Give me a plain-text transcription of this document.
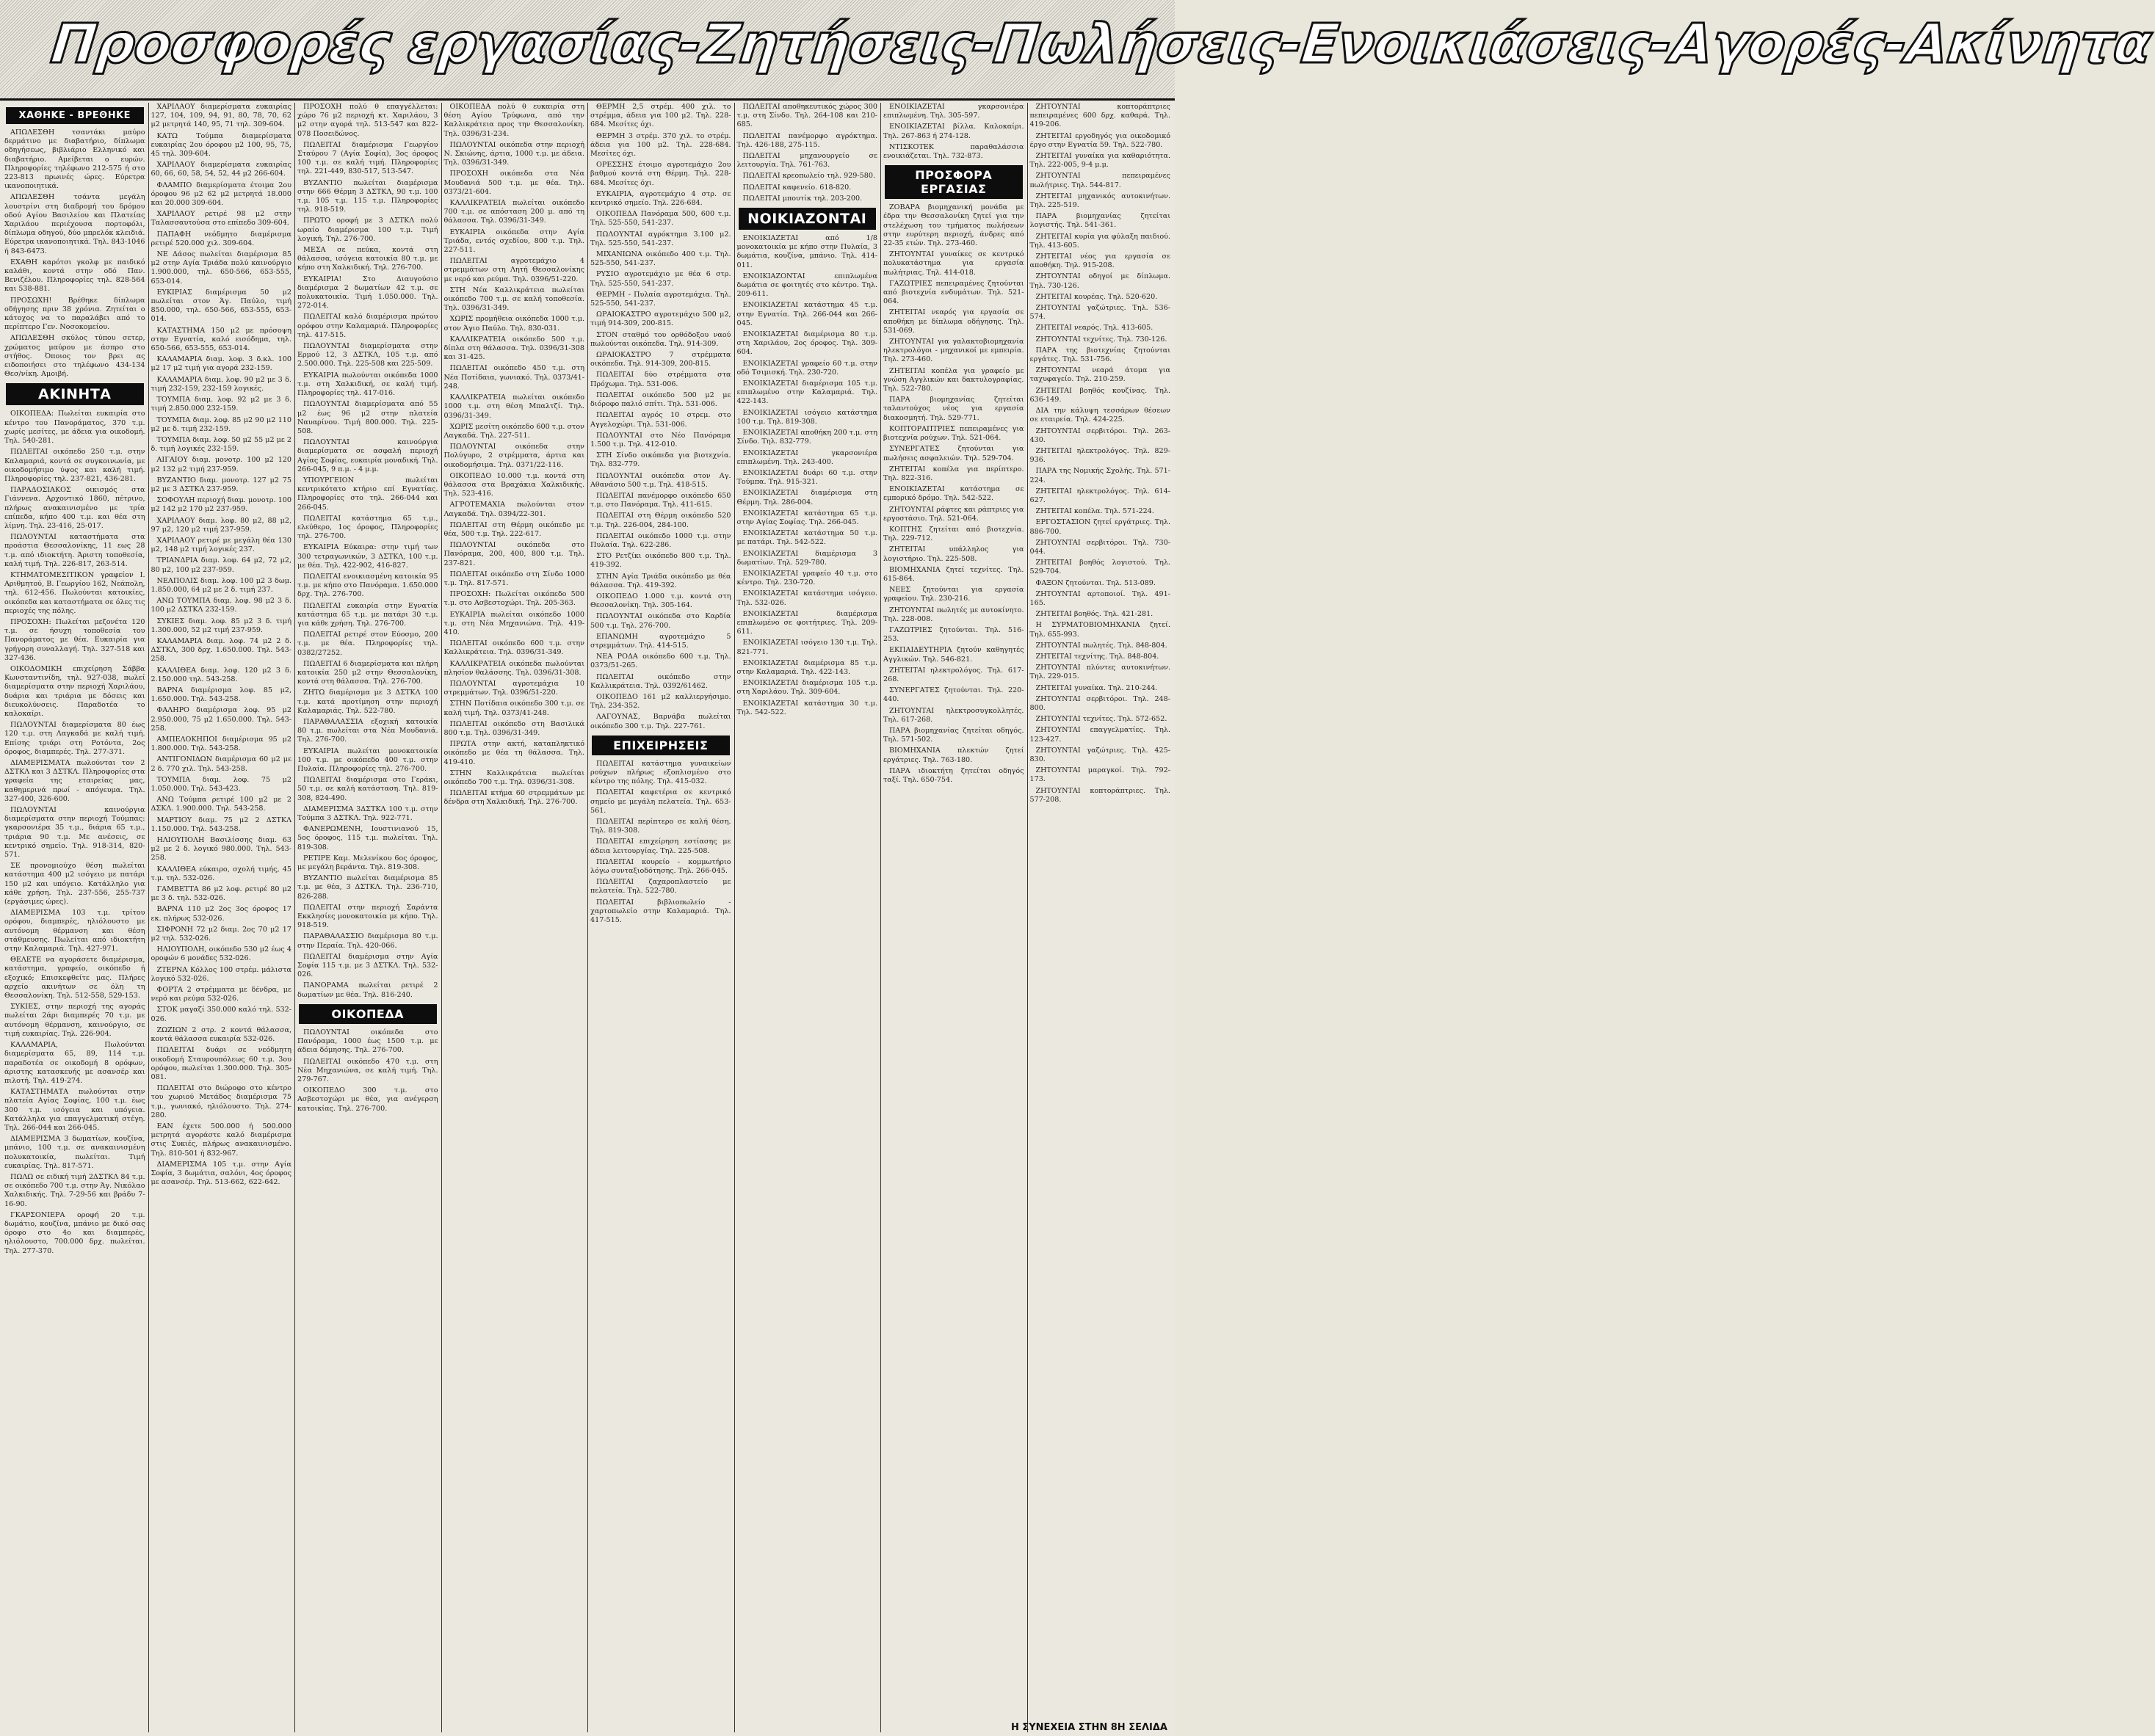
Προσφορές εργασίας-Ζητήσεις-Πωλήσεις-Ενοικιάσεις-Αγορές-Ακίνητα
ΧΑΘΗΚΕ - ΒΡΕΘΗΚΕ
ΑΠΩΛΕΣΘΗ τσαντάκι μαύρο δερμάτινο με διαβατήριο, δίπλωμα οδηγήσεως, βιβλιάριο Ελληνικό και διαβατήριο. Αμείβεται ο ευρών. Πληροφορίες τηλέφωνο 212-575 ή στο 223-813 πρωινές ώρες. Εύρετρα ικανοποιητικά.
ΑΠΩΛΕΣΘΗ τσάντα μεγάλη λουστρίνι στη διαδρομή του δρόμου οδού Αγίου Βασιλείου και Πλατείας Χαριλάου περιέχουσα πορτοφόλι, δίπλωμα οδηγού, δύο μπρελόκ κλειδιά. Εύρετρα ικανοποιητικά. Τηλ. 843-1046 ή 843-6473.
ΕΧΑΘΗ καρότσι γκολφ με παιδικό καλάθι, κοντά στην οδό Παν. Βενιζέλου. Πληροφορίες τηλ. 828-564 και 538-881.
ΠΡΟΣΩΧΗ! Βρέθηκε δίπλωμα οδήγησης πριν 38 χρόνια. Ζητείται ο κάτοχος να το παραλάβει από το περίπτερο Γεν. Νοσοκομείου.
ΑΠΩΛΕΣΘΗ σκύλος τύπου σετερ, χρώματος μαύρου με άσπρο στο στήθος. Όποιος τον βρει ας ειδοποιήσει στο τηλέφωνο 434-134 Θεσ/νίκη. Αμοιβή.
ΑΚΙΝΗΤΑ
ΟΙΚΟΠΕΔΑ: Πωλείται ευκαιρία στο κέντρο του Πανοράματος, 370 τ.μ. χωρίς μεσίτες, με άδεια για οικοδομή. Τηλ. 540-281.
ΠΩΛΕΙΤΑΙ οικόπεδο 250 τ.μ. στην Καλαμαριά, κοντά σε συγκοινωνία, με οικοδομήσιμο ύψος και καλή τιμή. Πληροφορίες τηλ. 237-821, 436-281.
ΠΑΡΑΔΟΣΙΑΚΟΣ οικισμός στα Γιάννενα. Αρχοντικό 1860, πέτρινο, πλήρως ανακαινισμένο με τρία επίπεδα, κήπο 400 τ.μ. και θέα στη λίμνη. Τηλ. 23-416, 25-017.
ΠΩΛΟΥΝΤΑΙ καταστήματα στα προάστια Θεσσαλονίκης, 11 εως 28 τ.μ. από ιδιοκτήτη. Άριστη τοποθεσία, καλή τιμή. Τηλ. 226-817, 263-514.
ΚΤΗΜΑΤΟΜΕΣΙΤΙΚΟΝ γραφείον Ι. Αριθμητού, Β. Γεωργίου 162, Νεάπολη, τηλ. 612-456. Πωλούνται κατοικίες, οικόπεδα και καταστήματα σε όλες τις περιοχές της πόλης.
ΠΡΟΣΟΧΗ: Πωλείται μεζονέτα 120 τ.μ. σε ήσυχη τοποθεσία του Πανοράματος με θέα. Ευκαιρία για γρήγορη συναλλαγή. Τηλ. 327-518 και 327-436.
ΟΙΚΟΔΟΜΙΚΗ επιχείρηση Σάββα Κωνσταντινίδη, τηλ. 927-038, πωλεί διαμερίσματα στην περιοχή Χαριλάου, δυάρια και τριάρια με δόσεις και διευκολύνσεις. Παραδοτέα το καλοκαίρι.
ΠΩΛΟΥΝΤΑΙ διαμερίσματα 80 έως 120 τ.μ. στη Λαγκαδά με καλή τιμή. Επίσης τριάρι στη Ροτόντα, 2ος όροφος, διαμπερές. Τηλ. 277-371.
ΔΙΑΜΕΡΙΣΜΑΤΑ πωλούνται τον 2 ΔΣΤΚΛ και 3 ΔΣΤΚΛ. Πληροφορίες στα γραφεία της εταιρείας μας, καθημερινά πρωί - απόγευμα. Τηλ. 327-400, 326-600.
ΠΩΛΟΥΝΤΑΙ καινούργια διαμερίσματα στην περιοχή Τούμπας: γκαρσονιέρα 35 τ.μ., διάρια 65 τ.μ., τριάρια 90 τ.μ. Με ανέσεις, σε κεντρικό σημείο. Τηλ. 918-314, 820-571.
ΣΕ προνομιούχο θέση πωλείται κατάστημα 400 μ2 ισόγειο με πατάρι 150 μ2 και υπόγειο. Κατάλληλο για κάθε χρήση. Τηλ. 237-556, 255-737 (εργάσιμες ώρες).
ΔΙΑΜΕΡΙΣΜΑ 103 τ.μ. τρίτου ορόφου, διαμπερές, ηλιόλουστο με αυτόνομη θέρμανση και θέση στάθμευσης. Πωλείται από ιδιοκτήτη στην Καλαμαριά. Τηλ. 427-971.
ΘΕΛΕΤΕ να αγοράσετε διαμέρισμα, κατάστημα, γραφείο, οικόπεδο ή εξοχικό; Επισκεφθείτε μας. Πλήρες αρχείο ακινήτων σε όλη τη Θεσσαλονίκη. Τηλ. 512-558, 529-153.
ΣΥΚΙΕΣ, στην περιοχή της αγοράς πωλείται 2άρι διαμπερές 70 τ.μ. με αυτόνομη θέρμανση, καινούργιο, σε τιμή ευκαιρίας. Τηλ. 226-904.
ΚΑΛΑΜΑΡΙΑ, Πωλούνται διαμερίσματα 65, 89, 114 τ.μ. παραδοτέα σε οικοδομή 8 ορόφων, άριστης κατασκευής με ασανσέρ και πιλοτή. Τηλ. 419-274.
ΚΑΤΑΣΤΗΜΑΤΑ πωλούνται στην πλατεία Αγίας Σοφίας, 100 τ.μ. έως 300 τ.μ. ισόγεια και υπόγεια. Κατάλληλα για επαγγελματική στέγη. Τηλ. 266-044 και 266-045.
ΔΙΑΜΕΡΙΣΜΑ 3 δωματίων, κουζίνα, μπάνιο, 100 τ.μ. σε ανακαινισμένη πολυκατοικία, πωλείται. Τιμή ευκαιρίας. Τηλ. 817-571.
ΠΩΛΩ σε ειδική τιμή 2ΔΣΤΚΛ 84 τ.μ. σε οικόπεδο 700 τ.μ. στην Άγ. Νικόλαο Χαλκιδικής. Τηλ. 7-29-56 και βράδυ 7-16-90.
ΓΚΑΡΣΟΝΙΕΡΑ οροφή 20 τ.μ. δωμάτιο, κουζίνα, μπάνιο με δικό σας όροφο στο 4ο και διαμπερές, ηλιόλουστο, 700.000 δρχ. πωλείται. Τηλ. 277-370.
ΧΑΡΙΛΑΟΥ διαμερίσματα ευκαιρίας 127, 104, 109, 94, 91, 80, 78, 70, 62 μ2 μετρητά 140, 95, 71 τηλ. 309-604.
ΚΑΤΩ Τούμπα διαμερίσματα ευκαιρίας 2ου όροφου μ2 100, 95, 75, 45 τηλ. 309-604.
ΧΑΡΙΛΑΟΥ διαμερίσματα ευκαιρίας 60, 66, 60, 58, 54, 52, 44 μ2 266-604.
ΦΛΑΜΠΟ διαμερίσματα έτοιμα 2ου όροφου 96 μ2 62 μ2 μετρητά 18.000 και 20.000 309-604.
ΧΑΡΙΛΑΟΥ ρετιρέ 98 μ2 στην Ταλασσαυτούσα στο επίπεδο 309-604.
ΠΑΠΑΦΗ νεόδμητο διαμέρισμα ρετιρέ 520.000 χιλ. 309-604.
ΝΕ Δάσος πωλείται διαμέρισμα 85 μ2 στην Αγία Τριάδα πολύ καινούργιο 1.900.000, τηλ. 650-566, 653-555, 653-014.
ΕΥΚΙΡΙΑΣ διαμέρισμα 50 μ2 πωλείται στον Άγ. Παύλο, τιμή 850.000, τηλ. 650-566, 653-555, 653-014.
ΚΑΤΑΣΤΗΜΑ 150 μ2 με πρόσοψη στην Εγνατία, καλό εισόδημα, τηλ. 650-566, 653-555, 653-014.
ΚΑΛΑΜΑΡΙΑ διαμ. λοφ. 3 δ.κλ. 100 μ2 17 μ2 τιμή για αγορά 232-159.
ΚΑΛΑΜΑΡΙΑ διαμ. λοφ. 90 μ2 με 3 δ. τιμή 232-159, 232-159 λογικές.
ΤΟΥΜΠΑ διαμ. λοφ. 92 μ2 με 3 δ. τιμή 2.850.000 232-159.
ΤΟΥΜΠΑ διαμ. λοφ. 85 μ2 90 μ2 110 μ2 με δ. τιμή 232-159.
ΤΟΥΜΠΑ διαμ. λοφ. 50 μ2 55 μ2 με 2 δ. τιμή λογικές 232-159.
ΑΙΓΑΙΟΥ διαμ. μονοτρ. 100 μ2 120 μ2 132 μ2 τιμή 237-959.
ΒΥΖΑΝΤΙΟ διαμ. μονοτρ. 127 μ2 75 μ2 με 3 ΔΣΤΚΛ 237-959.
ΣΟΦΟΥΛΗ περιοχή διαμ. μονοτρ. 100 μ2 142 μ2 170 μ2 237-959.
ΧΑΡΙΛΑΟΥ διαμ. λοφ. 80 μ2, 88 μ2, 97 μ2, 120 μ2 τιμή 237-959.
ΧΑΡΙΛΑΟΥ ρετιρέ με μεγάλη θέα 130 μ2, 148 μ2 τιμή λογικές 237.
ΤΡΙΑΝΔΡΙΑ διαμ. λοφ. 64 μ2, 72 μ2, 80 μ2, 100 μ2 237-959.
ΝΕΑΠΟΛΙΣ διαμ. λοφ. 100 μ2 3 δωμ. 1.850.000, 64 μ2 με 2 δ. τιμή 237.
ΑΝΩ ΤΟΥΜΠΑ διαμ. λοφ. 98 μ2 3 δ. 100 μ2 ΔΣΤΚΛ 232-159.
ΣΥΚΙΕΣ διαμ. λοφ. 85 μ2 3 δ. τιμή 1.300.000, 52 μ2 τιμή 237-959.
ΚΑΛΑΜΑΡΙΑ διαμ. λοφ. 74 μ2 2 δ. ΔΣΤΚΛ, 300 δρχ. 1.650.000. Τηλ. 543-258.
ΚΑΛΛΙΘΕΑ διαμ. λοφ. 120 μ2 3 δ. 2.150.000 τηλ. 543-258.
ΒΑΡΝΑ διαμέρισμα λοφ. 85 μ2, 1.650.000. Τηλ. 543-258.
ΦΑΛΗΡΟ διαμέρισμα λοφ. 95 μ2 2.950.000, 75 μ2 1.650.000. Τηλ. 543-258.
ΑΜΠΕΛΟΚΗΠΟΙ διαμέρισμα 95 μ2 1.800.000. Τηλ. 543-258.
ΑΝΤΙΓΟΝΙΔΩΝ διαμέρισμα 60 μ2 με 2 δ. 770 χιλ. Τηλ. 543-258.
ΤΟΥΜΠΑ διαμ. λοφ. 75 μ2 1.050.000. Τηλ. 543-423.
ΑΝΩ Τούμπα ρετιρέ 100 μ2 με 2 ΔΣΚΛ. 1.900.000. Τηλ. 543-258.
ΜΑΡΤΙΟΥ διαμ. 75 μ2 2 ΔΣΤΚΛ 1.150.000. Τηλ. 543-258.
ΗΛΙΟΥΠΟΛΗ Βασιλίσσης διαμ. 63 μ2 με 2 δ. λογικό 980.000. Τηλ. 543-258.
ΚΑΛΛΙΘΕΑ εύκαιρο, σχολή τιμής, 45 τ.μ. τηλ. 532-026.
ΓΑΜΒΕΤΤΑ 86 μ2 λοφ. ρετιρέ 80 μ2 με 3 δ. τηλ. 532-026.
ΒΑΡΝΑ 110 μ2 2ος 3ος όροφος 17 εκ. πλήρως 532-026.
ΣΙΦΡΟΝΗ 72 μ2 διαμ. 2ος 70 μ2 17 μ2 τηλ. 532-026.
ΗΛΙΟΥΠΟΛΗ, οικόπεδο 530 μ2 έως 4 οροφών 6 μονάδες 532-026.
ΖΤΕΡΝΑ Κόλλος 100 στρέμ. μάλιστα λογικό 532-026.
ΦΟΡΤΑ 2 στρέμματα με δένδρα, με νερό και ρεύμα 532-026.
ΣΤΟΚ μαγαζί 350.000 καλό τηλ. 532-026.
ΖΩΖΙΩΝ 2 στρ. 2 κοντά θάλασσα, κοντά θάλασσα ευκαιρία 532-026.
ΠΩΛΕΙΤΑΙ δυάρι σε νεόδμητη οικοδομή Σταυρουπόλεως 60 τ.μ. 3ου ορόφου, πωλείται 1.300.000. Τηλ. 305-081.
ΠΩΛΕΙΤΑΙ στο διώροφο στο κέντρο του χωριού Μετάδος διαμέρισμα 75 τ.μ., γωνιακό, ηλιόλουστο. Τηλ. 274-280.
ΕΑΝ έχετε 500.000 ή 500.000 μετρητά αγοράστε καλό διαμέρισμα στις Συκιές, πλήρως ανακαινισμένο. Τηλ. 810-501 ή 832-967.
ΔΙΑΜΕΡΙΣΜΑ 105 τ.μ. στην Αγία Σοφία, 3 δωμάτια, σαλόνι, 4ος όροφος με ασανσέρ. Τηλ. 513-662, 622-642.
ΠΡΟΣΟΧΗ πολύ θ επαγγέλλεται: χώρο 76 μ2 περιοχή κτ. Χαριλάου, 3 μ2 στην αγορά τηλ. 513-547 και 822-078 Ποσειδώνος.
ΠΩΛΕΙΤΑΙ διαμέρισμα Γεωργίου Σταύρου 7 (Αγία Σοφία), 3ος όροφος 100 τ.μ. σε καλή τιμή. Πληροφορίες τηλ. 221-449, 830-517, 513-547.
ΒΥΖΑΝΤΙΟ πωλείται διαμέρισμα στην 666 Θέρμη 3 ΔΣΤΚΛ, 90 τ.μ. 100 τ.μ. 105 τ.μ. 115 τ.μ. Πληροφορίες τηλ. 918-519.
ΠΡΩΤΟ οροφή με 3 ΔΣΤΚΛ πολύ ωραίο διαμέρισμα 100 τ.μ. Τιμή λογική. Τηλ. 276-700.
ΜΕΣΑ σε πεύκα, κοντά στη θάλασσα, ισόγεια κατοικία 80 τ.μ. με κήπο στη Χαλκιδική. Τηλ. 276-700.
ΕΥΚΑΙΡΙΑ! Στο Διαυγούσιο διαμέρισμα 2 δωματίων 42 τ.μ. σε πολυκατοικία. Τιμή 1.050.000. Τηλ. 272-014.
ΠΩΛΕΙΤΑΙ καλό διαμέρισμα πρώτου ορόφου στην Καλαμαριά. Πληροφορίες τηλ. 417-515.
ΠΩΛΟΥΝΤΑΙ διαμερίσματα στην Ερμού 12, 3 ΔΣΤΚΛ, 105 τ.μ. από 2.500.000. Τηλ. 225-508 και 225-509.
ΕΥΚΑΙΡΙΑ πωλούνται οικόπεδα 1000 τ.μ. στη Χαλκιδική, σε καλή τιμή. Πληροφορίες τηλ. 417-016.
ΠΩΛΟΥΝΤΑΙ διαμερίσματα από 55 μ2 έως 96 μ2 στην πλατεία Ναυαρίνου. Τιμή 800.000. Τηλ. 225-508.
ΠΩΛΟΥΝΤΑΙ καινούργια διαμερίσματα σε ασφαλή περιοχή Αγίας Σοφίας, ευκαιρία μοναδική. Τηλ. 266-045, 9 π.μ. - 4 μ.μ.
ΥΠΟΥΡΓΕΙΟΝ πωλείται κεντρικότατο κτήριο επί Εγνατίας. Πληροφορίες στο τηλ. 266-044 και 266-045.
ΠΩΛΕΙΤΑΙ κατάστημα 65 τ.μ., ελεύθερο, 1ος όροφος, Πληροφορίες τηλ. 276-700.
ΕΥΚΑΙΡΙΑ Εύκαιρα: στην τιμή των 300 τετραγωνικών, 3 ΔΣΤΚΛ, 100 τ.μ. με θέα. Τηλ. 422-902, 416-827.
ΠΩΛΕΙΤΑΙ ενοικιασμένη κατοικία 95 τ.μ. με κήπο στο Πανόραμα. 1.650.000 δρχ. Τηλ. 276-700.
ΠΩΛΕΙΤΑΙ ευκαιρία στην Εγνατία κατάστημα 65 τ.μ. με πατάρι 30 τ.μ. για κάθε χρήση. Τηλ. 276-700.
ΠΩΛΕΙΤΑΙ ρετιρέ στον Εύοσμο, 200 τ.μ. με θέα. Πληροφορίες τηλ. 0382/27252.
ΠΩΛΕΙΤΑΙ 6 διαμερίσματα και πλήρη κατοικία 250 μ2 στην Θεσσαλονίκη, κοντά στη θάλασσα. Τηλ. 276-700.
ΖΗΤΩ διαμέρισμα με 3 ΔΣΤΚΛ 100 τ.μ. κατά προτίμηση στην περιοχή Καλαμαριάς. Τηλ. 522-780.
ΠΑΡΑΘΑΛΑΣΣΙΑ εξοχική κατοικία 80 τ.μ. πωλείται στα Νέα Μουδανιά. Τηλ. 276-700.
ΕΥΚΑΙΡΙΑ πωλείται μονοκατοικία 100 τ.μ. με οικόπεδο 400 τ.μ. στην Πυλαία. Πληροφορίες τηλ. 276-700.
ΠΩΛΕΙΤΑΙ διαμέρισμα στο Γεράκι, 50 τ.μ. σε καλή κατάσταση. Τηλ. 819-308, 824-490.
ΔΙΑΜΕΡΙΣΜΑ 3ΔΣΤΚΛ 100 τ.μ. στην Τούμπα 3 ΔΣΤΚΛ. Τηλ. 922-771.
ΦΑΝΕΡΩΜΕΝΗ, Ιουστινιανού 15, 5ος όροφος, 115 τ.μ. πωλείται. Τηλ. 819-308.
ΡΕΤΙΡΕ Καμ. Μελενίκου 6ος όροφος, με μεγάλη βεράντα. Τηλ. 819-308.
ΒΥΖΑΝΤΙΟ πωλείται διαμέρισμα 85 τ.μ. με θέα, 3 ΔΣΤΚΛ. Τηλ. 236-710, 826-288.
ΠΩΛΕΙΤΑΙ στην περιοχή Σαράντα Εκκλησίες μονοκατοικία με κήπο. Τηλ. 918-519.
ΠΑΡΑΘΑΛΑΣΣΙΟ διαμέρισμα 80 τ.μ. στην Περαία. Τηλ. 420-066.
ΠΩΛΕΙΤΑΙ διαμέρισμα στην Αγία Σοφία 115 τ.μ. με 3 ΔΣΤΚΛ. Τηλ. 532-026.
ΠΑΝΟΡΑΜΑ πωλείται ρετιρέ 2 δωματίων με θέα. Τηλ. 816-240.
ΟΙΚΟΠΕΔΑ
ΠΩΛΟΥΝΤΑΙ οικόπεδα στο Πανόραμα, 1000 έως 1500 τ.μ. με άδεια δόμησης. Τηλ. 276-700.
ΠΩΛΕΙΤΑΙ οικόπεδο 470 τ.μ. στη Νέα Μηχανιώνα, σε καλή τιμή. Τηλ. 279-767.
ΟΙΚΟΠΕΔΟ 300 τ.μ. στο Ασβεστοχώρι με θέα, για ανέγερση κατοικίας. Τηλ. 276-700.
ΟΙΚΟΠΕΔΑ πολύ θ ευκαιρία στη θέση Αγίου Τρύφωνα, από την Καλλικράτεια προς την Θεσσαλονίκη. Τηλ. 0396/31-234.
ΠΩΛΟΥΝΤΑΙ οικόπεδα στην περιοχή Ν. Σκιώνης, άρτια, 1000 τ.μ. με άδεια. Τηλ. 0396/31-349.
ΠΡΟΣΟΧΗ οικόπεδα στα Νέα Μουδανιά 500 τ.μ. με θέα. Τηλ. 0373/21-604.
ΚΑΛΛΙΚΡΑΤΕΙΑ πωλείται οικόπεδο 700 τ.μ. σε απόσταση 200 μ. από τη θάλασσα. Τηλ. 0396/31-349.
ΕΥΚΑΙΡΙΑ οικόπεδα στην Αγία Τριάδα, εντός σχεδίου, 800 τ.μ. Τηλ. 227-511.
ΠΩΛΕΙΤΑΙ αγροτεμάχιο 4 στρεμμάτων στη Λητή Θεσσαλονίκης με νερό και ρεύμα. Τηλ. 0396/51-220.
ΣΤΗ Νέα Καλλικράτεια πωλείται οικόπεδο 700 τ.μ. σε καλή τοποθεσία. Τηλ. 0396/31-349.
ΧΩΡΙΣ προμήθεια οικόπεδα 1000 τ.μ. στον Άγιο Παύλο. Τηλ. 830-031.
ΚΑΛΛΙΚΡΑΤΕΙΑ οικόπεδο 500 τ.μ. δίπλα στη θάλασσα. Τηλ. 0396/31-308 και 31-425.
ΠΩΛΕΙΤΑΙ οικόπεδο 450 τ.μ. στη Νέα Ποτίδαια, γωνιακό. Τηλ. 0373/41-248.
ΚΑΛΛΙΚΡΑΤΕΙΑ πωλείται οικόπεδο 1000 τ.μ. στη θέση Μπαλτζί. Τηλ. 0396/31-349.
ΧΩΡΙΣ μεσίτη οικόπεδο 600 τ.μ. στον Λαγκαδά. Τηλ. 227-511.
ΠΩΛΟΥΝΤΑΙ οικόπεδα στην Πολύγυρο, 2 στρέμματα, άρτια και οικοδομήσιμα. Τηλ. 0371/22-116.
ΟΙΚΟΠΕΔΟ 10.000 τ.μ. κοντά στη θάλασσα στα Βραχάκια Χαλκιδικής. Τηλ. 523-416.
ΑΓΡΟΤΕΜΑΧΙΑ πωλούνται στον Λαγκαδά. Τηλ. 0394/22-301.
ΠΩΛΕΙΤΑΙ στη Θέρμη οικόπεδο με θέα, 500 τ.μ. Τηλ. 222-617.
ΠΩΛΟΥΝΤΑΙ οικόπεδα στο Πανόραμα, 200, 400, 800 τ.μ. Τηλ. 237-821.
ΠΩΛΕΙΤΑΙ οικόπεδο στη Σίνδο 1000 τ.μ. Τηλ. 817-571.
ΠΡΟΣΟΧΗ: Πωλείται οικόπεδο 500 τ.μ. στο Ασβεστοχώρι. Τηλ. 205-363.
ΕΥΚΑΙΡΙΑ πωλείται οικόπεδο 1000 τ.μ. στη Νέα Μηχανιώνα. Τηλ. 419-410.
ΠΩΛΕΙΤΑΙ οικόπεδο 600 τ.μ. στην Καλλικράτεια. Τηλ. 0396/31-349.
ΚΑΛΛΙΚΡΑΤΕΙΑ οικόπεδα πωλούνται πλησίον θαλάσσης. Τηλ. 0396/31-308.
ΠΩΛΟΥΝΤΑΙ αγροτεμάχια 10 στρεμμάτων. Τηλ. 0396/51-220.
ΣΤΗΝ Ποτίδαια οικόπεδο 300 τ.μ. σε καλή τιμή. Τηλ. 0373/41-248.
ΠΩΛΕΙΤΑΙ οικόπεδο στη Βασιλικά 800 τ.μ. Τηλ. 0396/31-349.
ΠΡΩΤΑ στην ακτή, καταπληκτικό οικόπεδο με θέα τη θάλασσα. Τηλ. 419-410.
ΣΤΗΝ Καλλικράτεια πωλείται οικόπεδο 700 τ.μ. Τηλ. 0396/31-308.
ΠΩΛΕΙΤΑΙ κτήμα 60 στρεμμάτων με δένδρα στη Χαλκιδική. Τηλ. 276-700.
ΘΕΡΜΗ 2,5 στρέμ. 400 χιλ. το στρέμμα, άδεια για 100 μ2. Τηλ. 228-684. Μεσίτες όχι.
ΘΕΡΜΗ 3 στρέμ. 370 χιλ. το στρέμ. άδεια για 100 μ2. Τηλ. 228-684. Μεσίτες όχι.
ΟΡΕΣΣΗΣ έτοιμο αγροτεμάχιο 2ου βαθμού κοντά στη Θέρμη. Τηλ. 228-684. Μεσίτες όχι.
ΕΥΚΑΙΡΙΑ, αγροτεμάχιο 4 στρ. σε κεντρικό σημείο. Τηλ. 226-684.
ΟΙΚΟΠΕΔΑ Πανόραμα 500, 600 τ.μ. Τηλ. 525-550, 541-237.
ΠΩΛΟΥΝΤΑΙ αγρόκτημα 3.100 μ2. Τηλ. 525-550, 541-237.
ΜΙΧΑΝΙΩΝΑ οικόπεδο 400 τ.μ. Τηλ. 525-550, 541-237.
ΡΥΣΙΟ αγροτεμάχιο με θέα 6 στρ. Τηλ. 525-550, 541-237.
ΘΕΡΜΗ - Πυλαία αγροτεμάχια. Τηλ. 525-550, 541-237.
ΩΡΑΙΟΚΑΣΤΡΟ αγροτεμάχιο 500 μ2, τιμή 914-309, 200-815.
ΣΤΟΝ σταθμό του ορθόδοξου ναού πωλούνται οικόπεδα. Τηλ. 914-309.
ΩΡΑΙΟΚΑΣΤΡΟ 7 στρέμματα οικόπεδα. Τηλ. 914-309, 200-815.
ΠΩΛΕΙΤΑΙ δύο στρέμματα στα Πρόχωμα. Τηλ. 531-006.
ΠΩΛΕΙΤΑΙ οικόπεδο 500 μ2 με διόροφο παλιό σπίτι. Τηλ. 531-006.
ΠΩΛΕΙΤΑΙ αγρός 10 στρεμ. στο Αγγελοχώρι. Τηλ. 531-006.
ΠΩΛΟΥΝΤΑΙ στο Νέο Πανόραμα 1.500 τ.μ. Τηλ. 412-010.
ΣΤΗ Σίνδο οικόπεδα για βιοτεχνία. Τηλ. 832-779.
ΠΩΛΟΥΝΤΑΙ οικόπεδα στον Αγ. Αθανάσιο 500 τ.μ. Τηλ. 418-515.
ΠΩΛΕΙΤΑΙ πανέμορφο οικόπεδο 650 τ.μ. στο Πανόραμα. Τηλ. 411-615.
ΠΩΛΕΙΤΑΙ στη Θέρμη οικόπεδο 520 τ.μ. Τηλ. 226-004, 284-100.
ΠΩΛΕΙΤΑΙ οικόπεδο 1000 τ.μ. στην Πυλαία. Τηλ. 622-286.
ΣΤΟ Ρετζίκι οικόπεδο 800 τ.μ. Τηλ. 419-392.
ΣΤΗΝ Αγία Τριάδα οικόπεδο με θέα θάλασσα. Τηλ. 419-392.
ΟΙΚΟΠΕΔΟ 1.000 τ.μ. κοντά στη Θεσσαλονίκη. Τηλ. 305-164.
ΠΩΛΟΥΝΤΑΙ οικόπεδα στο Καρδία 500 τ.μ. Τηλ. 276-700.
ΕΠΑΝΩΜΗ αγροτεμάχιο 5 στρεμμάτων. Τηλ. 414-515.
ΝΕΑ ΡΟΔΑ οικόπεδο 600 τ.μ. Τηλ. 0373/51-265.
ΠΩΛΕΙΤΑΙ οικόπεδο στην Καλλικράτεια. Τηλ. 0392/61462.
ΟΙΚΟΠΕΔΟ 161 μ2 καλλιεργήσιμο. Τηλ. 234-352.
ΛΑΓΟΥΝΑΣ, Βαρνάβα πωλείται οικόπεδο 300 τ.μ. Τηλ. 227-761.
ΕΠΙΧΕΙΡΗΣΕΙΣ
ΠΩΛΕΙΤΑΙ κατάστημα γυναικείων ρούχων πλήρως εξοπλισμένο στο κέντρο της πόλης. Τηλ. 415-032.
ΠΩΛΕΙΤΑΙ καφετέρια σε κεντρικό σημείο με μεγάλη πελατεία. Τηλ. 653-561.
ΠΩΛΕΙΤΑΙ περίπτερο σε καλή θέση. Τηλ. 819-308.
ΠΩΛΕΙΤΑΙ επιχείρηση εστίασης με άδεια λειτουργίας. Τηλ. 225-508.
ΠΩΛΕΙΤΑΙ κουρείο - κομμωτήριο λόγω συνταξιοδότησης. Τηλ. 266-045.
ΠΩΛΕΙΤΑΙ ζαχαροπλαστείο με πελατεία. Τηλ. 522-780.
ΠΩΛΕΙΤΑΙ βιβλιοπωλείο - χαρτοπωλείο στην Καλαμαριά. Τηλ. 417-515.
ΠΩΛΕΙΤΑΙ αποθηκευτικός χώρος 300 τ.μ. στη Σίνδο. Τηλ. 264-108 και 210-685.
ΠΩΛΕΙΤΑΙ πανέμορφο αγρόκτημα. Τηλ. 426-188, 275-115.
ΠΩΛΕΙΤΑΙ μηχανουργείο σε λειτουργία. Τηλ. 761-763.
ΠΩΛΕΙΤΑΙ κρεοπωλείο τηλ. 929-580.
ΠΩΛΕΙΤΑΙ καφενείο. 618-820.
ΠΩΛΕΙΤΑΙ μπουτίκ τηλ. 203-200.
ΝΟΙΚΙΑΖΟΝΤΑΙ
ΕΝΟΙΚΙΑΖΕΤΑΙ από 1/8 μονοκατοικία με κήπο στην Πυλαία, 3 δωμάτια, κουζίνα, μπάνιο. Τηλ. 414-011.
ΕΝΟΙΚΙΑΖΟΝΤΑΙ επιπλωμένα δωμάτια σε φοιτητές στο κέντρο. Τηλ. 209-611.
ΕΝΟΙΚΙΑΖΕΤΑΙ κατάστημα 45 τ.μ. στην Εγνατία. Τηλ. 266-044 και 266-045.
ΕΝΟΙΚΙΑΖΕΤΑΙ διαμέρισμα 80 τ.μ. στη Χαριλάου, 2ος όροφος. Τηλ. 309-604.
ΕΝΟΙΚΙΑΖΕΤΑΙ γραφείο 60 τ.μ. στην οδό Τσιμισκή. Τηλ. 230-720.
ΕΝΟΙΚΙΑΖΕΤΑΙ διαμέρισμα 105 τ.μ. επιπλωμένο στην Καλαμαριά. Τηλ. 422-143.
ΕΝΟΙΚΙΑΖΕΤΑΙ ισόγειο κατάστημα 100 τ.μ. Τηλ. 819-308.
ΕΝΟΙΚΙΑΖΕΤΑΙ αποθήκη 200 τ.μ. στη Σίνδο. Τηλ. 832-779.
ΕΝΟΙΚΙΑΖΕΤΑΙ γκαρσονιέρα επιπλωμένη. Τηλ. 243-400.
ΕΝΟΙΚΙΑΖΕΤΑΙ δυάρι 60 τ.μ. στην Τούμπα. Τηλ. 915-321.
ΕΝΟΙΚΙΑΖΕΤΑΙ διαμέρισμα στη Θέρμη. Τηλ. 286-004.
ΕΝΟΙΚΙΑΖΕΤΑΙ κατάστημα 65 τ.μ. στην Αγίας Σοφίας. Τηλ. 266-045.
ΕΝΟΙΚΙΑΖΕΤΑΙ κατάστημα 50 τ.μ. με πατάρι. Τηλ. 542-522.
ΕΝΟΙΚΙΑΖΕΤΑΙ διαμέρισμα 3 δωματίων. Τηλ. 529-780.
ΕΝΟΙΚΙΑΖΕΤΑΙ γραφείο 40 τ.μ. στο κέντρο. Τηλ. 230-720.
ΕΝΟΙΚΙΑΖΕΤΑΙ κατάστημα ισόγειο. Τηλ. 532-026.
ΕΝΟΙΚΙΑΖΕΤΑΙ διαμέρισμα επιπλωμένο σε φοιτήτριες. Τηλ. 209-611.
ΕΝΟΙΚΙΑΖΕΤΑΙ ισόγειο 130 τ.μ. Τηλ. 821-771.
ΕΝΟΙΚΙΑΖΕΤΑΙ διαμέρισμα 85 τ.μ. στην Καλαμαριά. Τηλ. 422-143.
ΕΝΟΙΚΙΑΖΕΤΑΙ διαμέρισμα 105 τ.μ. στη Χαριλάου. Τηλ. 309-604.
ΕΝΟΙΚΙΑΖΕΤΑΙ κατάστημα 30 τ.μ. Τηλ. 542-522.
ΕΝΟΙΚΙΑΖΕΤΑΙ γκαρσονιέρα επιπλωμένη. Τηλ. 305-597.
ΕΝΟΙΚΙΑΖΕΤΑΙ βίλλα. Καλοκαίρι. Τηλ. 267-863 ή 274-128.
ΝΤΙΣΚΟΤΕΚ παραθαλάσσια ενοικιάζεται. Τηλ. 732-873.
ΠΡΟΣΦΟΡΑ ΕΡΓΑΣΙΑΣ
ΖΟΒΑΡΑ βιομηχανική μονάδα με έδρα την Θεσσαλονίκη ζητεί για την στελέχωση του τμήματος πωλήσεων στην ευρύτερη περιοχή, άνδρες από 22-35 ετών. Τηλ. 273-460.
ΖΗΤΟΥΝΤΑΙ γυναίκες σε κεντρικό πολυκατάστημα για εργασία πωλήτριας. Τηλ. 414-018.
ΓΑΖΩΤΡΙΕΣ πεπειραμένες ζητούνται από βιοτεχνία ενδυμάτων. Τηλ. 521-064.
ΖΗΤΕΙΤΑΙ νεαρός για εργασία σε αποθήκη με δίπλωμα οδήγησης. Τηλ. 531-069.
ΖΗΤΟΥΝΤΑΙ για γαλακτοβιομηχανία ηλεκτρολόγοι - μηχανικοί με εμπειρία. Τηλ. 273-460.
ΖΗΤΕΙΤΑΙ κοπέλα για γραφείο με γνώση Αγγλικών και δακτυλογραφίας. Τηλ. 522-780.
ΠΑΡΑ βιομηχανίας ζητείται ταλαντούχος νέος για εργασία διακοσμητή. Τηλ. 529-771.
ΚΟΠΤΟΡΑΠΤΡΙΕΣ πεπειραμένες για βιοτεχνία ρούχων. Τηλ. 521-064.
ΣΥΝΕΡΓΑΤΕΣ ζητούνται για πωλήσεις ασφαλειών. Τηλ. 529-704.
ΖΗΤΕΙΤΑΙ κοπέλα για περίπτερο. Τηλ. 822-316.
ΕΝΟΙΚΙΑΖΕΤΑΙ κατάστημα σε εμπορικό δρόμο. Τηλ. 542-522.
ΖΗΤΟΥΝΤΑΙ ράφτες και ράπτριες για εργοστάσιο. Τηλ. 521-064.
ΚΟΠΤΗΣ ζητείται από βιοτεχνία. Τηλ. 229-712.
ΖΗΤΕΙΤΑΙ υπάλληλος για λογιστήριο. Τηλ. 225-508.
ΒΙΟΜΗΧΑΝΙΑ ζητεί τεχνίτες. Τηλ. 615-864.
ΝΕΕΣ ζητούνται για εργασία γραφείου. Τηλ. 230-216.
ΖΗΤΟΥΝΤΑΙ πωλητές με αυτοκίνητο. Τηλ. 228-008.
ΓΑΖΩΤΡΙΕΣ ζητούνται. Τηλ. 516-253.
ΕΚΠΑΙΔΕΥΤΗΡΙΑ ζητούν καθηγητές Αγγλικών. Τηλ. 546-821.
ΖΗΤΕΙΤΑΙ ηλεκτρολόγος. Τηλ. 617-268.
ΣΥΝΕΡΓΑΤΕΣ ζητούνται. Τηλ. 220-440.
ΖΗΤΟΥΝΤΑΙ ηλεκτροσυγκολλητές. Τηλ. 617-268.
ΠΑΡΑ βιομηχανίας ζητείται οδηγός. Τηλ. 571-502.
ΒΙΟΜΗΧΑΝΙΑ πλεκτών ζητεί εργάτριες. Τηλ. 763-180.
ΠΑΡΑ ιδιοκτήτη ζητείται οδηγός ταξί. Τηλ. 650-754.
ΖΗΤΟΥΝΤΑΙ κοπτοράπτριες πεπειραμένες 600 δρχ. καθαρά. Τηλ. 419-206.
ΖΗΤΕΙΤΑΙ εργοδηγός για οικοδομικό έργο στην Εγνατία 59. Τηλ. 522-780.
ΖΗΤΕΙΤΑΙ γυναίκα για καθαριότητα. Τηλ. 222-005, 9-4 μ.μ.
ΖΗΤΟΥΝΤΑΙ πεπειραμένες πωλήτριες. Τηλ. 544-817.
ΖΗΤΕΙΤΑΙ μηχανικός αυτοκινήτων. Τηλ. 225-519.
ΠΑΡΑ βιομηχανίας ζητείται λογιστής. Τηλ. 541-361.
ΖΗΤΕΙΤΑΙ κυρία για φύλαξη παιδιού. Τηλ. 413-605.
ΖΗΤΕΙΤΑΙ νέος για εργασία σε αποθήκη. Τηλ. 915-208.
ΖΗΤΟΥΝΤΑΙ οδηγοί με δίπλωμα. Τηλ. 730-126.
ΖΗΤΕΙΤΑΙ κουρέας. Τηλ. 520-620.
ΖΗΤΟΥΝΤΑΙ γαζώτριες. Τηλ. 536-574.
ΖΗΤΕΙΤΑΙ νεαρός. Τηλ. 413-605.
ΖΗΤΟΥΝΤΑΙ τεχνίτες. Τηλ. 730-126.
ΠΑΡΑ της βιοτεχνίας ζητούνται εργάτες. Τηλ. 531-756.
ΖΗΤΟΥΝΤΑΙ νεαρά άτομα για ταχυφαγείο. Τηλ. 210-259.
ΖΗΤΕΙΤΑΙ βοηθός κουζίνας. Τηλ. 636-149.
ΔΙΑ την κάλυψη τεσσάρων θέσεων σε εταιρεία. Τηλ. 424-225.
ΖΗΤΟΥΝΤΑΙ σερβιτόροι. Τηλ. 263-430.
ΖΗΤΕΙΤΑΙ ηλεκτρολόγος. Τηλ. 829-936.
ΠΑΡΑ της Νομικής Σχολής. Τηλ. 571-224.
ΖΗΤΕΙΤΑΙ ηλεκτρολόγος. Τηλ. 614-627.
ΖΗΤΕΙΤΑΙ κοπέλα. Τηλ. 571-224.
ΕΡΓΟΣΤΑΣΙΟΝ ζητεί εργάτριες. Τηλ. 886-700.
ΖΗΤΟΥΝΤΑΙ σερβιτόροι. Τηλ. 730-044.
ΖΗΤΕΙΤΑΙ βοηθός λογιστού. Τηλ. 529-704.
ΦΑΞΟΝ ζητούνται. Τηλ. 513-089.
ΖΗΤΟΥΝΤΑΙ αρτοποιοί. Τηλ. 491-165.
ΖΗΤΕΙΤΑΙ βοηθός. Τηλ. 421-281.
Η ΣΥΡΜΑΤΟΒΙΟΜΗΧΑΝΙΑ ζητεί. Τηλ. 655-993.
ΖΗΤΟΥΝΤΑΙ πωλητές. Τηλ. 848-804.
ΖΗΤΕΙΤΑΙ τεχνίτης. Τηλ. 848-804.
ΖΗΤΟΥΝΤΑΙ πλύντες αυτοκινήτων. Τηλ. 229-015.
ΖΗΤΕΙΤΑΙ γυναίκα. Τηλ. 210-244.
ΖΗΤΟΥΝΤΑΙ σερβιτόροι. Τηλ. 248-800.
ΖΗΤΟΥΝΤΑΙ τεχνίτες. Τηλ. 572-652.
ΖΗΤΟΥΝΤΑΙ επαγγελματίες. Τηλ. 123-427.
ΖΗΤΟΥΝΤΑΙ γαζώτριες. Τηλ. 425-830.
ΖΗΤΟΥΝΤΑΙ μαραγκοί. Τηλ. 792-173.
ΖΗΤΟΥΝΤΑΙ κοπτοράπτριες. Τηλ. 577-208.
Η ΣΥΝΕΧΕΙΑ ΣΤΗΝ 8Η ΣΕΛΙΔΑ
